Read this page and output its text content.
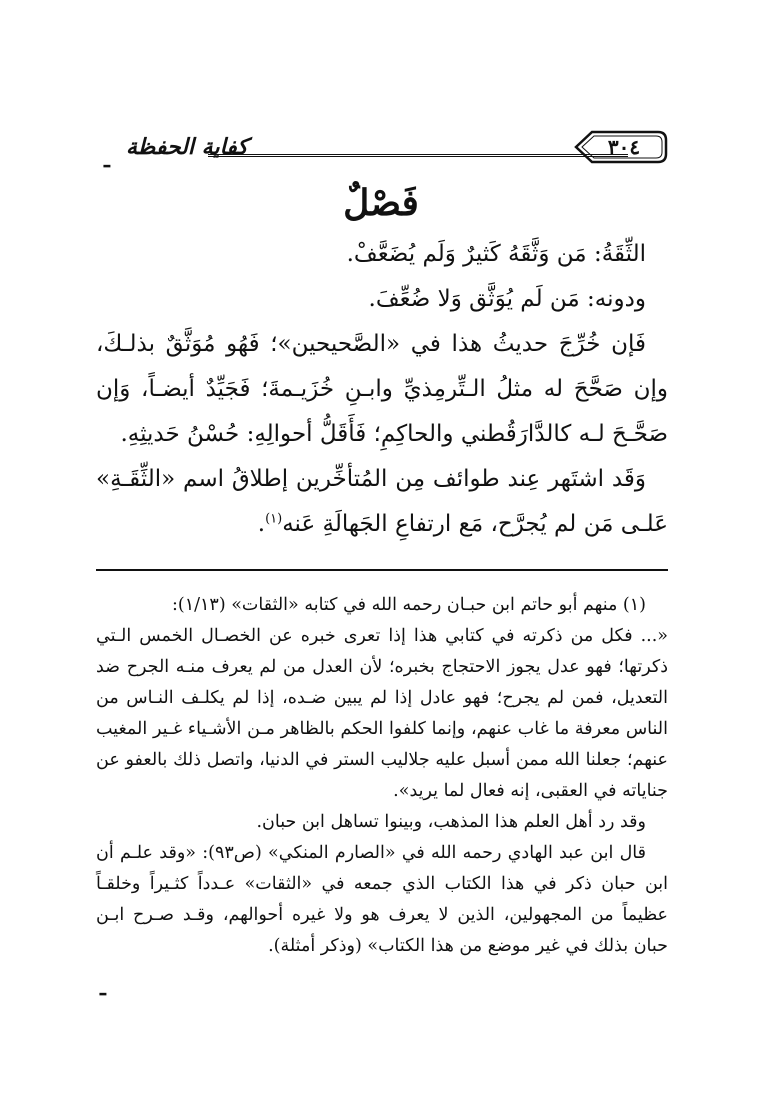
ـ كفاية الحفظة	٣٠٤
فَصْلٌ

الثِّقَةُ: مَن وَثَّقَهُ كَثيرٌ وَلَم يُضَعَّفْ.

ودونه: مَن لَم يُوَثَّق وَلا ضُعِّفَ.

فَإن خُرِّجَ حديثُ هذا في «الصَّحيحين»؛ فَهُو مُوَثَّقٌ بذلـكَ، وإن صَحَّحَ له مثلُ الـتِّرمِذيِّ وابـنِ خُزَيـمةَ؛ فَجَيِّدٌ أيضـاً، وَإن صَحَّـحَ لـه كالدَّارَقُطني والحاكِمِ؛ فَأَقَلُّ أحوالِهِ: حُسْنُ حَديثِهِ.

وَقَد اشتَهر عِند طوائف مِن المُتأخِّرين إطلاقُ اسم «الثِّقَـةِ» عَلـى مَن لم يُجرَّح، مَع ارتفاعِ الجَهالَةِ عَنه$^{(١)}$.

(١) منهم أبو حاتم ابن حبـان رحمه الله في كتابه «الثقات» (١/١٣):

«... فكل من ذكرته في كتابي هذا إذا تعرى خبره عن الخصـال الخمس الـتي ذكرتها؛ فهو عدل يجوز الاحتجاج بخبره؛ لأن العدل من لم يعرف منـه الجرح ضد التعديل، فمن لم يجرح؛ فهو عادل إذا لم يبين ضـده، إذا لم يكلـف النـاس من الناس معرفة ما غاب عنهم، وإنما كلفوا الحكم بالظاهر مـن الأشـياء غـير المغيب عنهم؛ جعلنا الله ممن أسبل عليه جلاليب الستر في الدنيا، واتصل ذلك بالعفو عن جناياته في العقبى، إنه فعال لما يريد».

وقد رد أهل العلم هذا المذهب، وبينوا تساهل ابن حبان.

قال ابن عبد الهادي رحمه الله في «الصارم المنكي» (ص٩٣): «وقد علـم أن ابن حبان ذكر في هذا الكتاب الذي جمعه في «الثقات» عـدداً كثـيراً وخلقـاً عظيماً من المجهولين، الذين لا يعرف هو ولا غيره أحوالهم، وقـد صـرح ابـن حبان بذلك في غير موضع من هذا الكتاب» (وذكر أمثلة).

ـ
